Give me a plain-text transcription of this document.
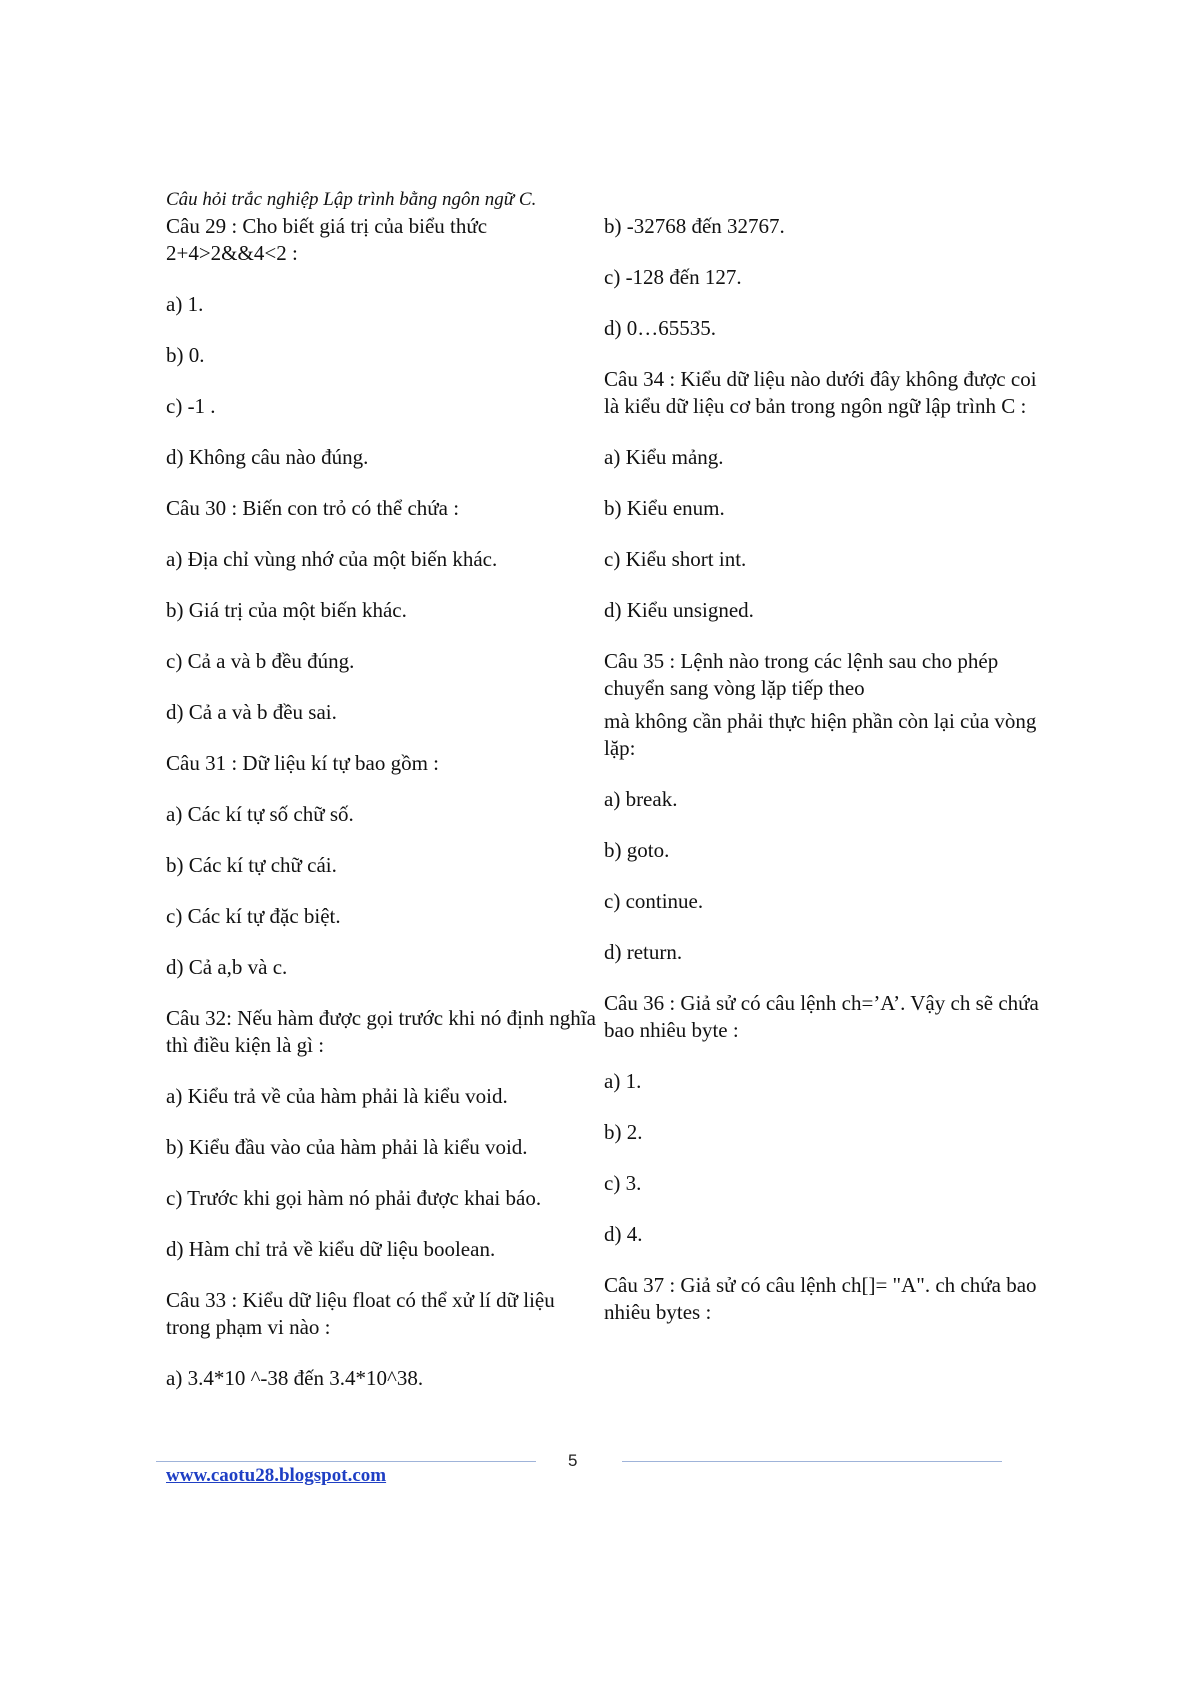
Câu hỏi trắc nghiệp Lập trình bằng ngôn ngữ C.
Câu 29 : Cho biết giá trị của biểu thức 2+4>2&&4<2 :
a) 1.
b) 0.
c) -1 .
d) Không câu nào đúng.
Câu 30 : Biến con trỏ có thể chứa :
a) Địa chỉ vùng nhớ của một biến khác.
b) Giá trị của một biến khác.
c) Cả a và b đều đúng.
d) Cả a và b đều sai.
Câu 31 : Dữ liệu kí tự bao gồm :
a) Các kí tự số chữ số.
b) Các kí tự chữ cái.
c) Các kí tự đặc biệt.
d) Cả a,b và c.
Câu 32: Nếu hàm được gọi trước khi nó định nghĩa thì điều kiện là gì :
a) Kiểu trả về của hàm phải là kiểu void.
b) Kiểu đầu vào của hàm phải là kiểu void.
c) Trước khi gọi hàm nó phải được khai báo.
d) Hàm chỉ trả về kiểu dữ liệu boolean.
Câu 33 : Kiểu dữ liệu float có thể xử lí dữ liệu trong phạm vi nào :
a) 3.4*10 ^-38 đến 3.4*10^38.
b) -32768 đến 32767.
c) -128 đến 127.
d) 0…65535.
Câu 34 : Kiểu dữ liệu nào dưới đây không được coi là kiểu dữ liệu cơ bản trong ngôn ngữ lập trình C :
a) Kiểu mảng.
b) Kiểu enum.
c) Kiểu short int.
d) Kiểu unsigned.
Câu 35 : Lệnh nào trong các lệnh sau cho phép chuyển sang vòng lặp tiếp theo
mà không cần phải thực hiện phần còn lại của vòng lặp:
a) break.
b) goto.
c) continue.
d) return.
Câu 36 : Giả sử có câu lệnh ch=’A’. Vậy ch sẽ chứa bao nhiêu byte :
a) 1.
b) 2.
c) 3.
d) 4.
Câu 37 : Giả sử có câu lệnh ch[]= "A". ch chứa bao nhiêu bytes :
5
www.caotu28.blogspot.com
